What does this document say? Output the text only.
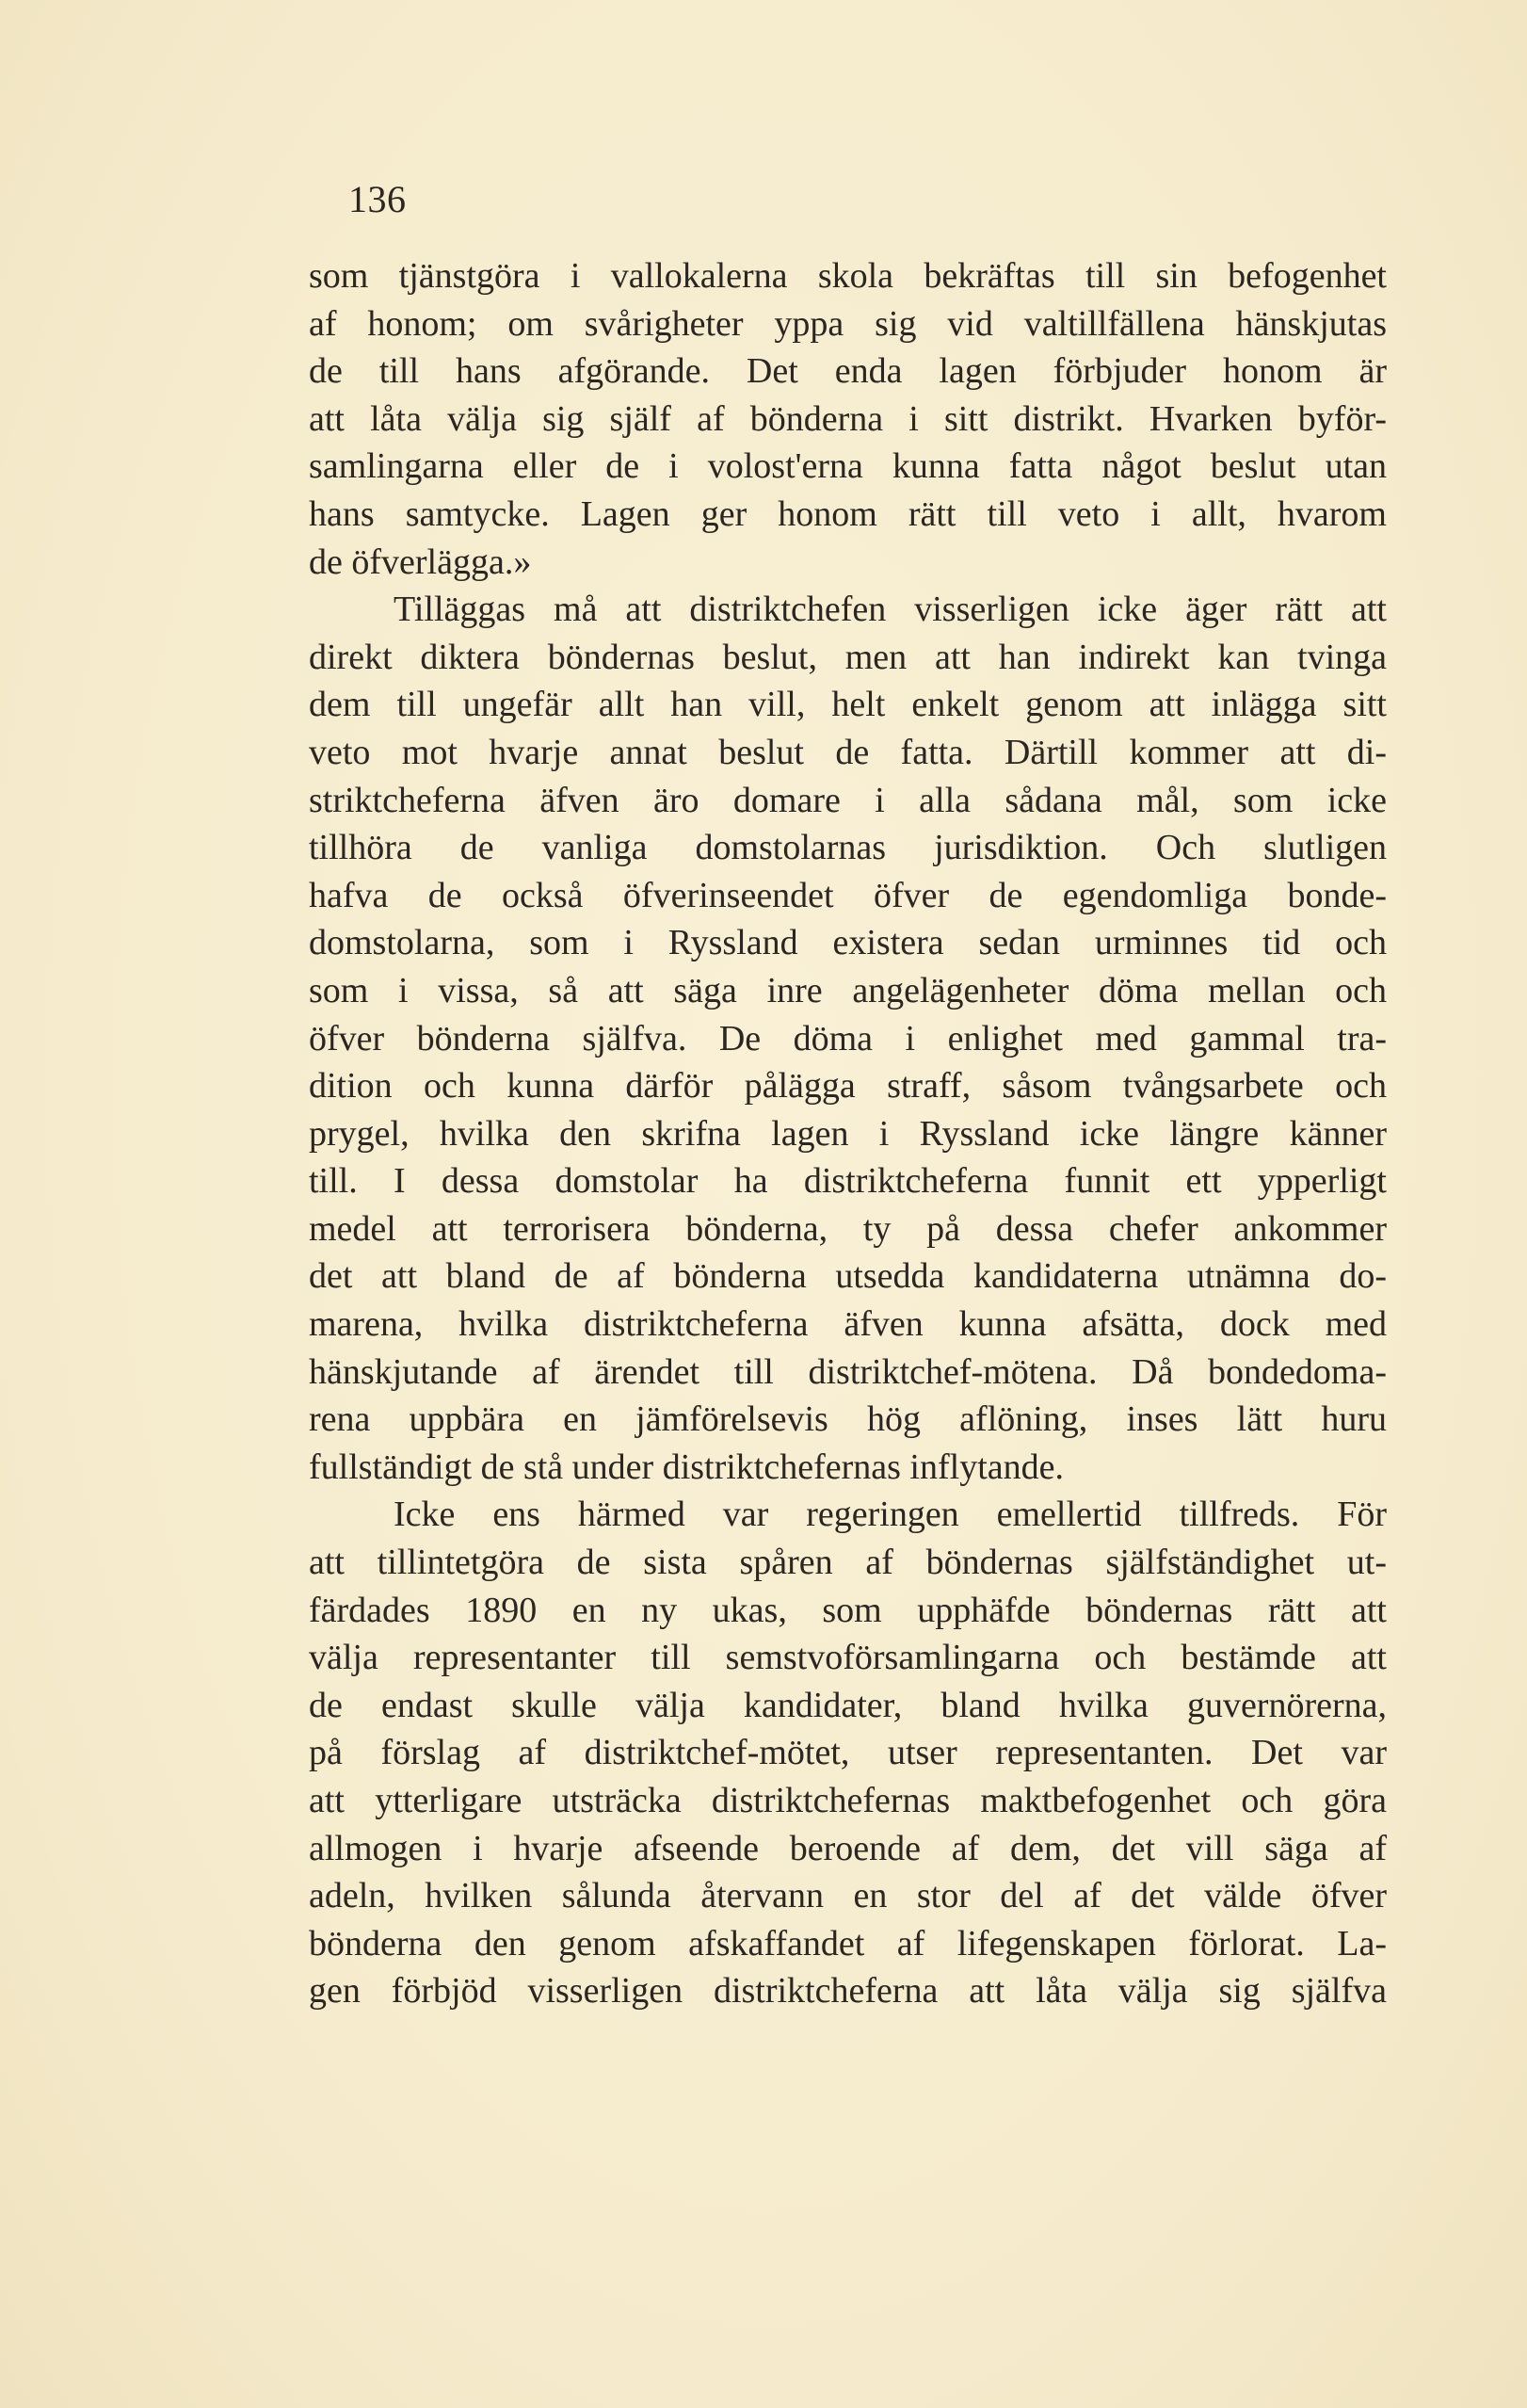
136
som tjänstgöra i vallokalerna skola bekräftas till sin befogenhet
af honom; om svårigheter yppa sig vid valtillfällena hänskjutas
de till hans afgörande. Det enda lagen förbjuder honom är
att låta välja sig själf af bönderna i sitt distrikt. Hvarken byför-
samlingarna eller de i volost'erna kunna fatta något beslut utan
hans samtycke. Lagen ger honom rätt till veto i allt, hvarom
de öfverlägga.»
Tilläggas må att distriktchefen visserligen icke äger rätt att
direkt diktera böndernas beslut, men att han indirekt kan tvinga
dem till ungefär allt han vill, helt enkelt genom att inlägga sitt
veto mot hvarje annat beslut de fatta. Därtill kommer att di-
striktcheferna äfven äro domare i alla sådana mål, som icke
tillhöra de vanliga domstolarnas jurisdiktion. Och slutligen
hafva de också öfverinseendet öfver de egendomliga bonde-
domstolarna, som i Ryssland existera sedan urminnes tid och
som i vissa, så att säga inre angelägenheter döma mellan och
öfver bönderna själfva. De döma i enlighet med gammal tra-
dition och kunna därför pålägga straff, såsom tvångsarbete och
prygel, hvilka den skrifna lagen i Ryssland icke längre känner
till. I dessa domstolar ha distriktcheferna funnit ett ypperligt
medel att terrorisera bönderna, ty på dessa chefer ankommer
det att bland de af bönderna utsedda kandidaterna utnämna do-
marena, hvilka distriktcheferna äfven kunna afsätta, dock med
hänskjutande af ärendet till distriktchef-mötena. Då bondedoma-
rena uppbära en jämförelsevis hög aflöning, inses lätt huru
fullständigt de stå under distriktchefernas inflytande.
Icke ens härmed var regeringen emellertid tillfreds. För
att tillintetgöra de sista spåren af böndernas själfständighet ut-
färdades 1890 en ny ukas, som upphäfde böndernas rätt att
välja representanter till semstvoförsamlingarna och bestämde att
de endast skulle välja kandidater, bland hvilka guvernörerna,
på förslag af distriktchef-mötet, utser representanten. Det var
att ytterligare utsträcka distriktchefernas maktbefogenhet och göra
allmogen i hvarje afseende beroende af dem, det vill säga af
adeln, hvilken sålunda återvann en stor del af det välde öfver
bönderna den genom afskaffandet af lifegenskapen förlorat. La-
gen förbjöd visserligen distriktcheferna att låta välja sig själfva
